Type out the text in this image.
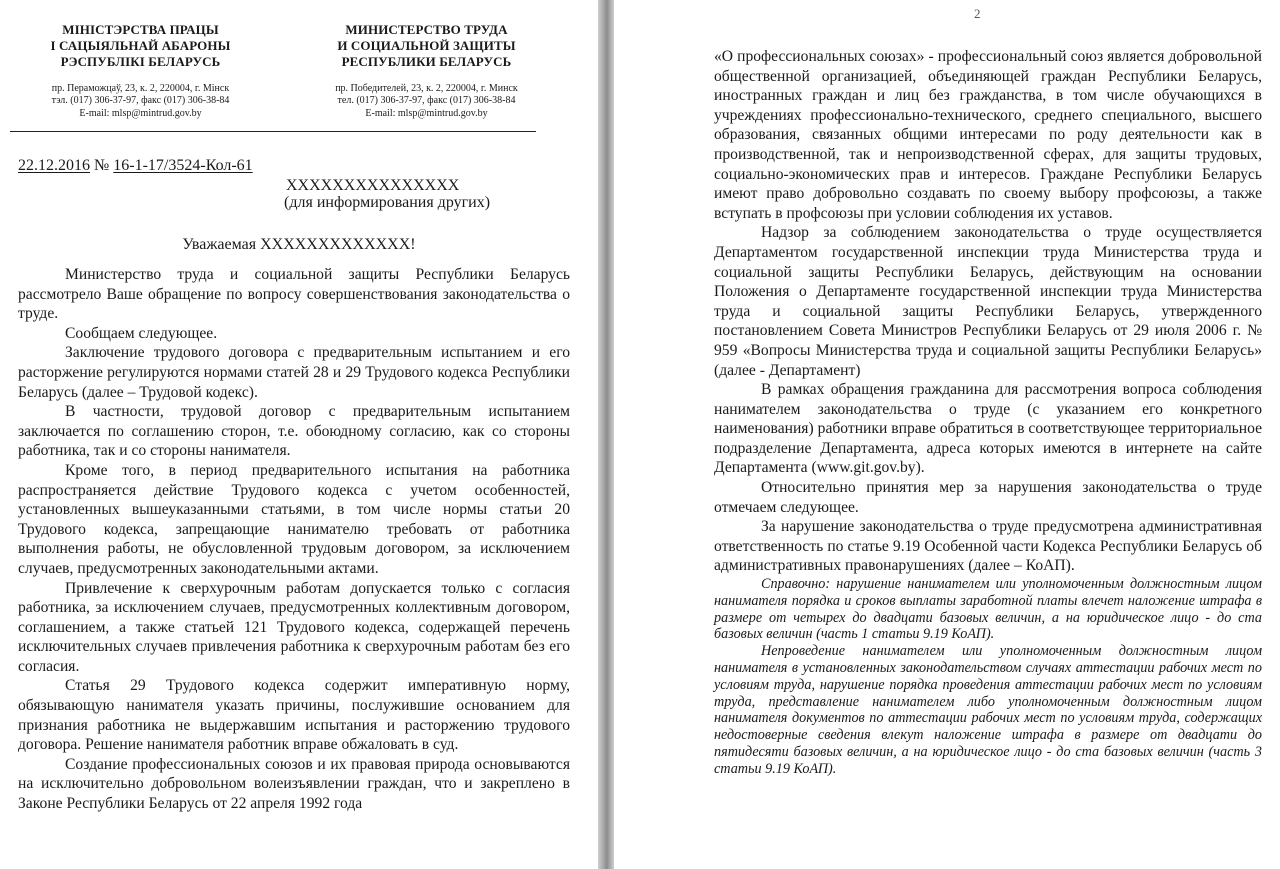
МІНІСТЭРСТВА ПРАЦЫ
І САЦЫЯЛЬНАЙ АБАРОНЫ
РЭСПУБЛІКІ БЕЛАРУСЬ
пр. Пераможцаў, 23, к. 2, 220004, г. Мінск
тэл. (017) 306-37-97, факс (017) 306-38-84
E-mail: mlsp@mintrud.gov.by
МИНИСТЕРСТВО ТРУДА
И СОЦИАЛЬНОЙ ЗАЩИТЫ
РЕСПУБЛИКИ БЕЛАРУСЬ
пр. Победителей, 23, к. 2, 220004, г. Минск
тел. (017) 306-37-97, факс (017) 306-38-84
E-mail: mlsp@mintrud.gov.by
22.12.2016 № 16-1-17/3524-Кол-61
ХХХХХХХХХХХХХХХ
(для информирования других)
Уважаемая ХХХХХХХХХХХХХ!

Министерство труда и социальной защиты Республики Беларусь рассмотрело Ваше обращение по вопросу совершенствования законодательства о труде.

Сообщаем следующее.

Заключение трудового договора с предварительным испытанием и его расторжение регулируются нормами статей 28 и 29 Трудового кодекса Республики Беларусь (далее – Трудовой кодекс).

В частности, трудовой договор с предварительным испытанием заключается по соглашению сторон, т.е. обоюдному согласию, как со стороны работника, так и со стороны нанимателя.

Кроме того, в период предварительного испытания на работника распространяется действие Трудового кодекса с учетом особенностей, установленных вышеуказанными статьями, в том числе нормы статьи 20 Трудового кодекса, запрещающие нанимателю требовать от работника выполнения работы, не обусловленной трудовым договором, за исключением случаев, предусмотренных законодательными актами.

Привлечение к сверхурочным работам допускается только с согласия работника, за исключением случаев, предусмотренных коллективным договором, соглашением, а также статьей 121 Трудового кодекса, содержащей перечень исключительных случаев привлечения работника к сверхурочным работам без его согласия.

Статья 29 Трудового кодекса содержит императивную норму, обязывающую нанимателя указать причины, послужившие основанием для признания работника не выдержавшим испытания и расторжению трудового договора. Решение нанимателя работник вправе обжаловать в суд.

Создание профессиональных союзов и их правовая природа основываются на исключительно добровольном волеизъявлении граждан, что и закреплено в Законе Республики Беларусь от 22 апреля 1992 года

2

«О профессиональных союзах» - профессиональный союз является добровольной общественной организацией, объединяющей граждан Республики Беларусь, иностранных граждан и лиц без гражданства, в том числе обучающихся в учреждениях профессионально-технического, среднего специального, высшего образования, связанных общими интересами по роду деятельности как в производственной, так и непроизводственной сферах, для защиты трудовых, социально-экономических прав и интересов. Граждане Республики Беларусь имеют право добровольно создавать по своему выбору профсоюзы, а также вступать в профсоюзы при условии соблюдения их уставов.

Надзор за соблюдением законодательства о труде осуществляется Департаментом государственной инспекции труда Министерства труда и социальной защиты Республики Беларусь, действующим на основании Положения о Департаменте государственной инспекции труда Министерства труда и социальной защиты Республики Беларусь, утвержденного постановлением Совета Министров Республики Беларусь от 29 июля 2006 г. № 959 «Вопросы Министерства труда и социальной защиты Республики Беларусь» (далее - Департамент)

В рамках обращения гражданина для рассмотрения вопроса соблюдения нанимателем законодательства о труде (с указанием его конкретного наименования) работники вправе обратиться в соответствующее территориальное подразделение Департамента, адреса которых имеются в интернете на сайте Департамента (www.git.gov.by).

Относительно принятия мер за нарушения законодательства о труде отмечаем следующее.

За нарушение законодательства о труде предусмотрена административная ответственность по статье 9.19 Особенной части Кодекса Республики Беларусь об административных правонарушениях (далее – КоАП).

Справочно: нарушение нанимателем или уполномоченным должностным лицом нанимателя порядка и сроков выплаты заработной платы влечет наложение штрафа в размере от четырех до двадцати базовых величин, а на юридическое лицо - до ста базовых величин (часть 1 статьи 9.19 КоАП).

Непроведение нанимателем или уполномоченным должностным лицом нанимателя в установленных законодательством случаях аттестации рабочих мест по условиям труда, нарушение порядка проведения аттестации рабочих мест по условиям труда, представление нанимателем либо уполномоченным должностным лицом нанимателя документов по аттестации рабочих мест по условиям труда, содержащих недостоверные сведения влекут наложение штрафа в размере от двадцати до пятидесяти базовых величин, а на юридическое лицо - до ста базовых величин (часть 3 статьи 9.19 КоАП).
